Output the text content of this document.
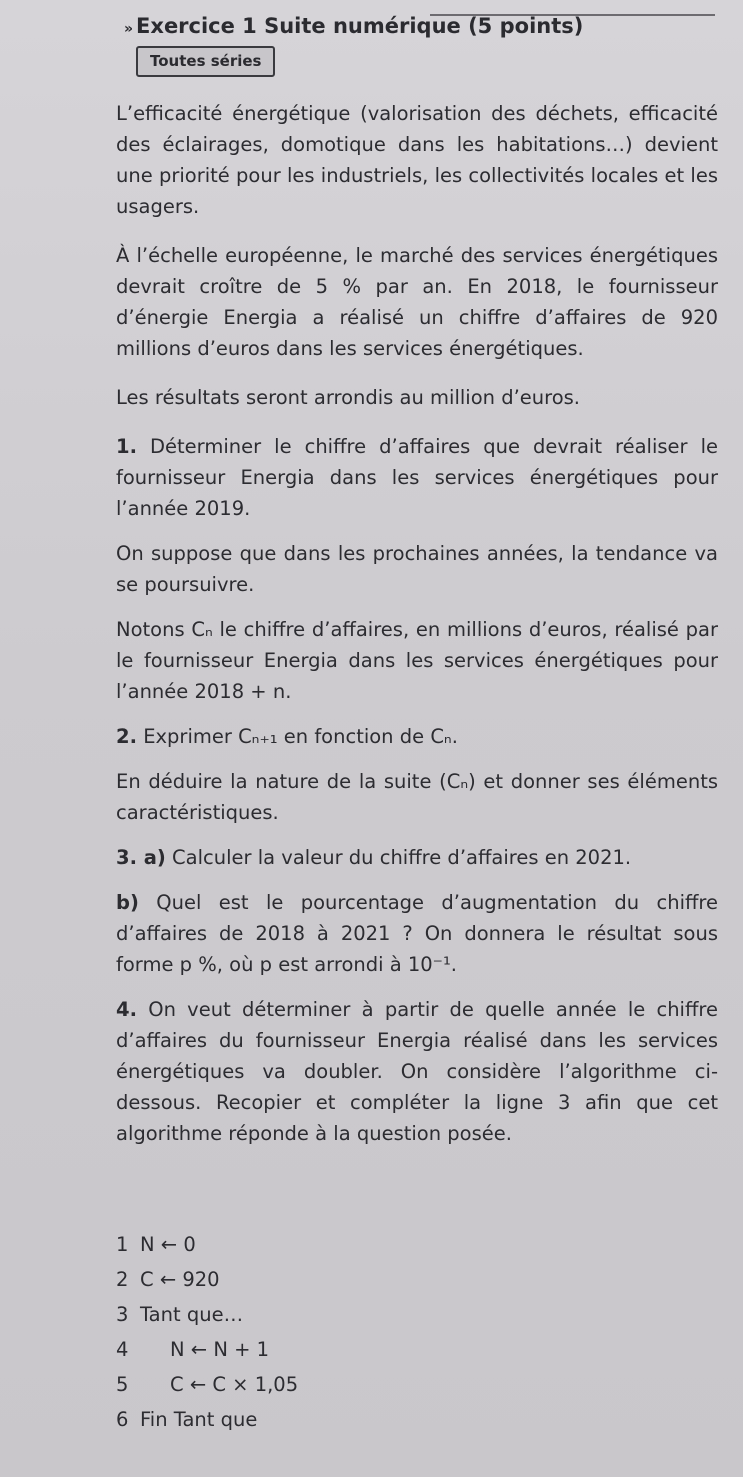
» Exercice 1 Suite numérique (5 points)
Toutes séries

L’efficacité énergétique (valorisation des déchets, efficacité des éclairages, domotique dans les habitations…) devient une priorité pour les industriels, les collectivités locales et les usagers.

À l’échelle européenne, le marché des services énergétiques devrait croître de 5 % par an. En 2018, le fournisseur d’énergie Energia a réalisé un chiffre d’affaires de 920 millions d’euros dans les services énergétiques.

Les résultats seront arrondis au million d’euros.

1. Déterminer le chiffre d’affaires que devrait réaliser le fournisseur Energia dans les services énergétiques pour l’année 2019.

On suppose que dans les prochaines années, la tendance va se poursuivre.

Notons Cₙ le chiffre d’affaires, en millions d’euros, réalisé par le fournisseur Energia dans les services énergétiques pour l’année 2018 + n.

2. Exprimer Cₙ₊₁ en fonction de Cₙ.

En déduire la nature de la suite (Cₙ) et donner ses éléments caractéristiques.

3. a) Calculer la valeur du chiffre d’affaires en 2021.

b) Quel est le pourcentage d’augmentation du chiffre d’affaires de 2018 à 2021 ? On donnera le résultat sous forme p %, où p est arrondi à 10⁻¹.

4. On veut déterminer à partir de quelle année le chiffre d’affaires du fournisseur Energia réalisé dans les services énergétiques va doubler. On considère l’algorithme ci-dessous. Recopier et compléter la ligne 3 afin que cet algorithme réponde à la question posée.

1 N ← 0
2 C ← 920
3 Tant que…
4 N ← N + 1
5 C ← C × 1,05
6 Fin Tant que
